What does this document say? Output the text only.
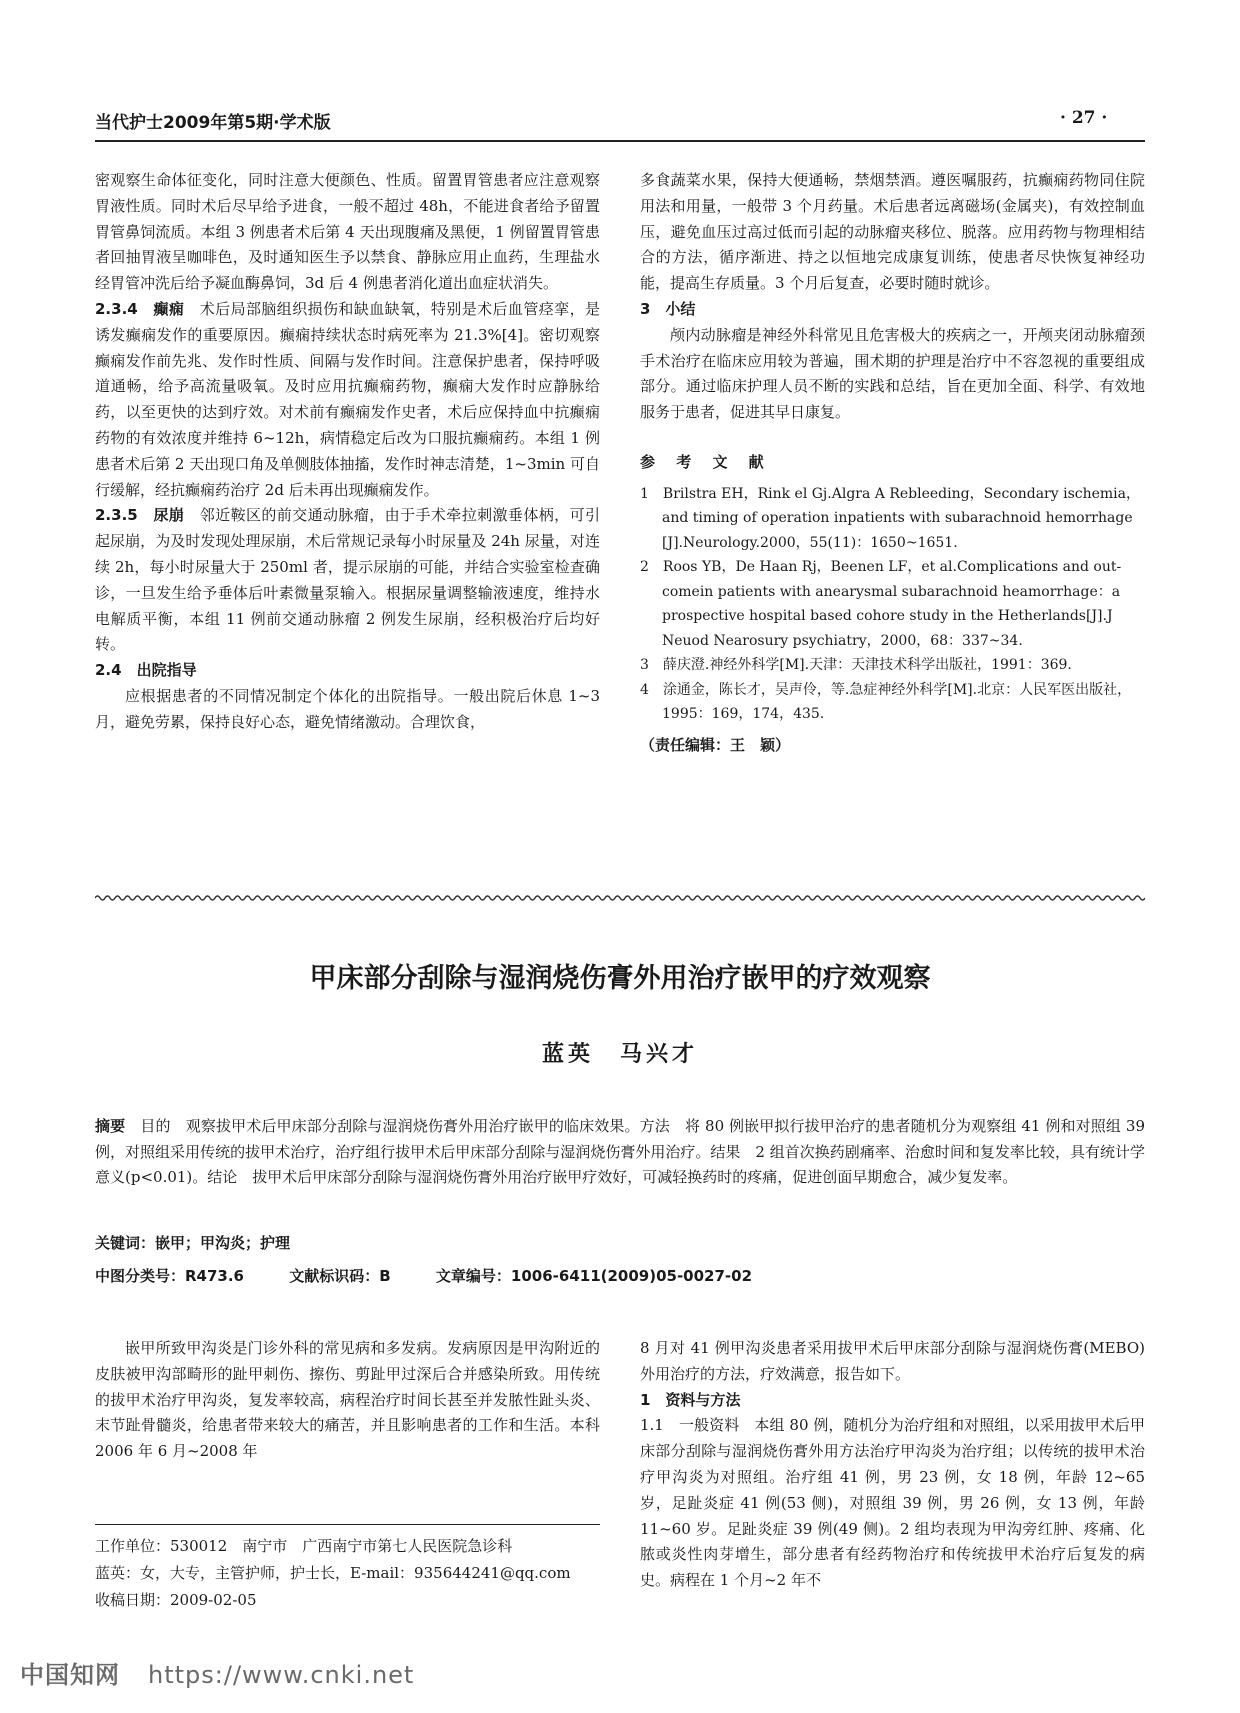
当代护士2009年第5期·学术版	· 27 ·

密观察生命体征变化，同时注意大便颜色、性质。留置胃管患者应注意观察胃液性质。同时术后尽早给予进食，一般不超过 48h，不能进食者给予留置胃管鼻饲流质。本组 3 例患者术后第 4 天出现腹痛及黑便，1 例留置胃管患者回抽胃液呈咖啡色，及时通知医生予以禁食、静脉应用止血药，生理盐水经胃管冲洗后给予凝血酶鼻饲，3d 后 4 例患者消化道出血症状消失。

2.3.4　癫痫　术后局部脑组织损伤和缺血缺氧，特别是术后血管痉挛，是诱发癫痫发作的重要原因。癫痫持续状态时病死率为 21.3%[4]。密切观察癫痫发作前先兆、发作时性质、间隔与发作时间。注意保护患者，保持呼吸道通畅，给予高流量吸氧。及时应用抗癫痫药物，癫痫大发作时应静脉给药，以至更快的达到疗效。对术前有癫痫发作史者，术后应保持血中抗癫痫药物的有效浓度并维持 6~12h，病情稳定后改为口服抗癫痫药。本组 1 例患者术后第 2 天出现口角及单侧肢体抽搐，发作时神志清楚，1~3min 可自行缓解，经抗癫痫药治疗 2d 后未再出现癫痫发作。

2.3.5　尿崩　邻近鞍区的前交通动脉瘤，由于手术牵拉刺激垂体柄，可引起尿崩，为及时发现处理尿崩，术后常规记录每小时尿量及 24h 尿量，对连续 2h，每小时尿量大于 250ml 者，提示尿崩的可能，并结合实验室检查确诊，一旦发生给予垂体后叶素微量泵输入。根据尿量调整输液速度，维持水电解质平衡，本组 11 例前交通动脉瘤 2 例发生尿崩，经积极治疗后均好转。

2.4　出院指导

应根据患者的不同情况制定个体化的出院指导。一般出院后休息 1~3 月，避免劳累，保持良好心态，避免情绪激动。合理饮食，

多食蔬菜水果，保持大便通畅，禁烟禁酒。遵医嘱服药，抗癫痫药物同住院用法和用量，一般带 3 个月药量。术后患者远离磁场(金属夹)，有效控制血压，避免血压过高过低而引起的动脉瘤夹移位、脱落。应用药物与物理相结合的方法，循序渐进、持之以恒地完成康复训练，使患者尽快恢复神经功能，提高生存质量。3 个月后复查，必要时随时就诊。

3　小结

颅内动脉瘤是神经外科常见且危害极大的疾病之一，开颅夹闭动脉瘤颈手术治疗在临床应用较为普遍，围术期的护理是治疗中不容忽视的重要组成部分。通过临床护理人员不断的实践和总结，旨在更加全面、科学、有效地服务于患者，促进其早日康复。

参 考 文 献

1　Brilstra EH，Rink el Gj.Algra A Rebleeding，Secondary ischemia，and timing of operation inpatients with subarachnoid hemorrhage [J].Neurology.2000，55(11)：1650~1651.
2　Roos YB，De Haan Rj，Beenen LF，et al.Complications and out-comein patients with anearysmal subarachnoid heamorrhage：a prospective hospital based cohore study in the Hetherlands[J].J Neuod Nearosury psychiatry，2000，68：337~34.
3　薛庆澄.神经外科学[M].天津：天津技术科学出版社，1991：369.
4　涂通金，陈长才，吴声伶，等.急症神经外科学[M].北京：人民军医出版社，1995：169，174，435.

（责任编辑：王　颖）

甲床部分刮除与湿润烧伤膏外用治疗嵌甲的疗效观察
蓝英　马兴才
摘要　目的　观察拔甲术后甲床部分刮除与湿润烧伤膏外用治疗嵌甲的临床效果。方法　将 80 例嵌甲拟行拔甲治疗的患者随机分为观察组 41 例和对照组 39 例，对照组采用传统的拔甲术治疗，治疗组行拔甲术后甲床部分刮除与湿润烧伤膏外用治疗。结果　2 组首次换药剧痛率、治愈时间和复发率比较，具有统计学意义(p<0.01)。结论　拔甲术后甲床部分刮除与湿润烧伤膏外用治疗嵌甲疗效好，可减轻换药时的疼痛，促进创面早期愈合，减少复发率。
关键词：嵌甲；甲沟炎；护理
中图分类号：R473.6	文献标识码：B	文章编号：1006-6411(2009)05-0027-02

嵌甲所致甲沟炎是门诊外科的常见病和多发病。发病原因是甲沟附近的皮肤被甲沟部畸形的趾甲刺伤、擦伤、剪趾甲过深后合并感染所致。用传统的拔甲术治疗甲沟炎，复发率较高，病程治疗时间长甚至并发脓性趾头炎、末节趾骨髓炎，给患者带来较大的痛苦，并且影响患者的工作和生活。本科 2006 年 6 月~2008 年

8 月对 41 例甲沟炎患者采用拔甲术后甲床部分刮除与湿润烧伤膏(MEBO)外用治疗的方法，疗效满意，报告如下。

1　资料与方法

1.1　一般资料　本组 80 例，随机分为治疗组和对照组，以采用拔甲术后甲床部分刮除与湿润烧伤膏外用方法治疗甲沟炎为治疗组；以传统的拔甲术治疗甲沟炎为对照组。治疗组 41 例，男 23 例，女 18 例，年龄 12~65 岁，足趾炎症 41 例(53 侧)，对照组 39 例，男 26 例，女 13 例，年龄 11~60 岁。足趾炎症 39 例(49 侧)。2 组均表现为甲沟旁红肿、疼痛、化脓或炎性肉芽增生，部分患者有经药物治疗和传统拔甲术治疗后复发的病史。病程在 1 个月~2 年不

工作单位：530012　南宁市　广西南宁市第七人民医院急诊科

蓝英：女，大专，主管护师，护士长，E-mail：935644241@qq.com

收稿日期：2009-02-05

中国知网 https://www.cnki.net
